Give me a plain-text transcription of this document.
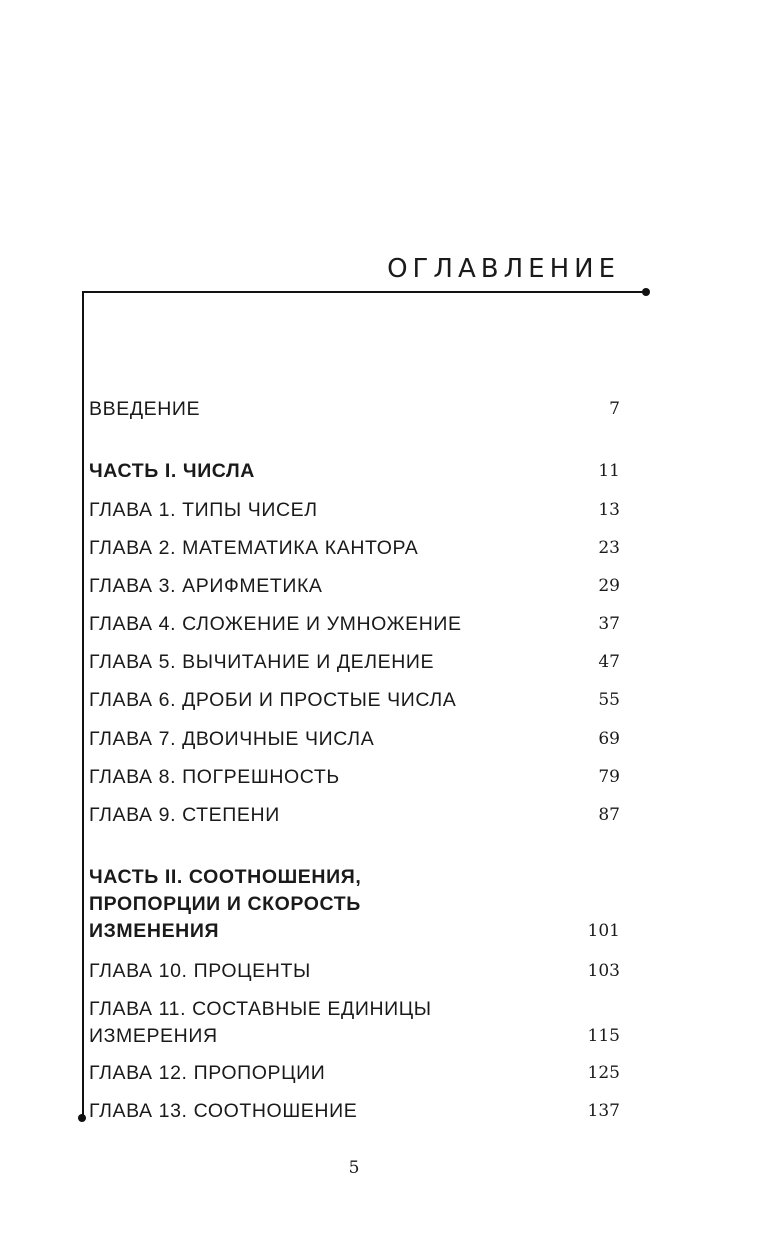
ОГЛАВЛЕНИЕ
ВВЕДЕНИЕ	7
ЧАСТЬ I. ЧИСЛА	11
ГЛАВА 1. ТИПЫ ЧИСЕЛ	13
ГЛАВА 2. МАТЕМАТИКА КАНТОРА	23
ГЛАВА 3. АРИФМЕТИКА	29
ГЛАВА 4. СЛОЖЕНИЕ И УМНОЖЕНИЕ	37
ГЛАВА 5. ВЫЧИТАНИЕ И ДЕЛЕНИЕ	47
ГЛАВА 6. ДРОБИ И ПРОСТЫЕ ЧИСЛА	55
ГЛАВА 7. ДВОИЧНЫЕ ЧИСЛА	69
ГЛАВА 8. ПОГРЕШНОСТЬ	79
ГЛАВА 9. СТЕПЕНИ	87
ЧАСТЬ II. СООТНОШЕНИЯ,
ПРОПОРЦИИ И СКОРОСТЬ
ИЗМЕНЕНИЯ	101
ГЛАВА 10. ПРОЦЕНТЫ	103
ГЛАВА 11. СОСТАВНЫЕ ЕДИНИЦЫ
ИЗМЕРЕНИЯ	115
ГЛАВА 12. ПРОПОРЦИИ	125
ГЛАВА 13. СООТНОШЕНИЕ	137
5
